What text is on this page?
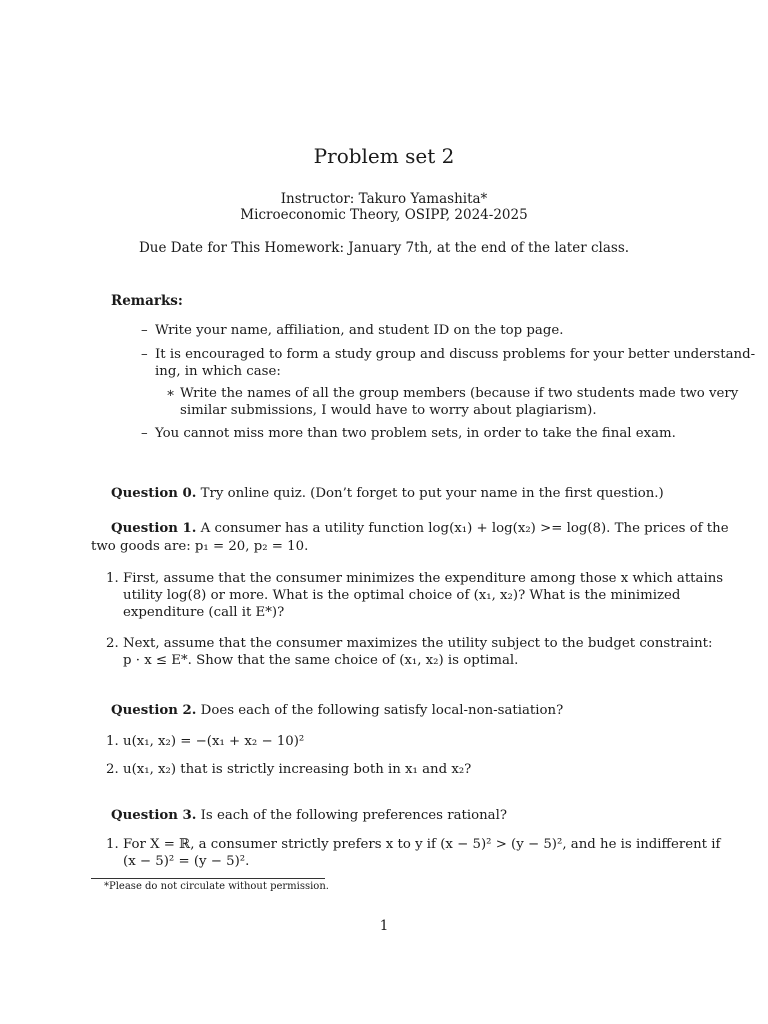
Problem set 2
Instructor: Takuro Yamashita*
Microeconomic Theory, OSIPP, 2024-2025
Due Date for This Homework: January 7th, at the end of the later class.
Remarks:
– Write your name, affiliation, and student ID on the top page.
– It is encouraged to form a study group and discuss problems for your better understand-
ing, in which case:
∗ Write the names of all the group members (because if two students made two very
similar submissions, I would have to worry about plagiarism).
– You cannot miss more than two problem sets, in order to take the final exam.
Question 0. Try online quiz. (Don’t forget to put your name in the first question.)
Question 1. A consumer has a utility function log(x₁) + log(x₂) >= log(8). The prices of the
two goods are: p₁ = 20, p₂ = 10.
1. First, assume that the consumer minimizes the expenditure among those x which attains
utility log(8) or more. What is the optimal choice of (x₁, x₂)? What is the minimized
expenditure (call it E*)?
2. Next, assume that the consumer maximizes the utility subject to the budget constraint:
p · x ≤ E*. Show that the same choice of (x₁, x₂) is optimal.
Question 2. Does each of the following satisfy local-non-satiation?
1. u(x₁, x₂) = −(x₁ + x₂ − 10)²
2. u(x₁, x₂) that is strictly increasing both in x₁ and x₂?
Question 3. Is each of the following preferences rational?
1. For X = ℝ, a consumer strictly prefers x to y if (x − 5)² > (y − 5)², and he is indifferent if
(x − 5)² = (y − 5)².
*Please do not circulate without permission.
1
